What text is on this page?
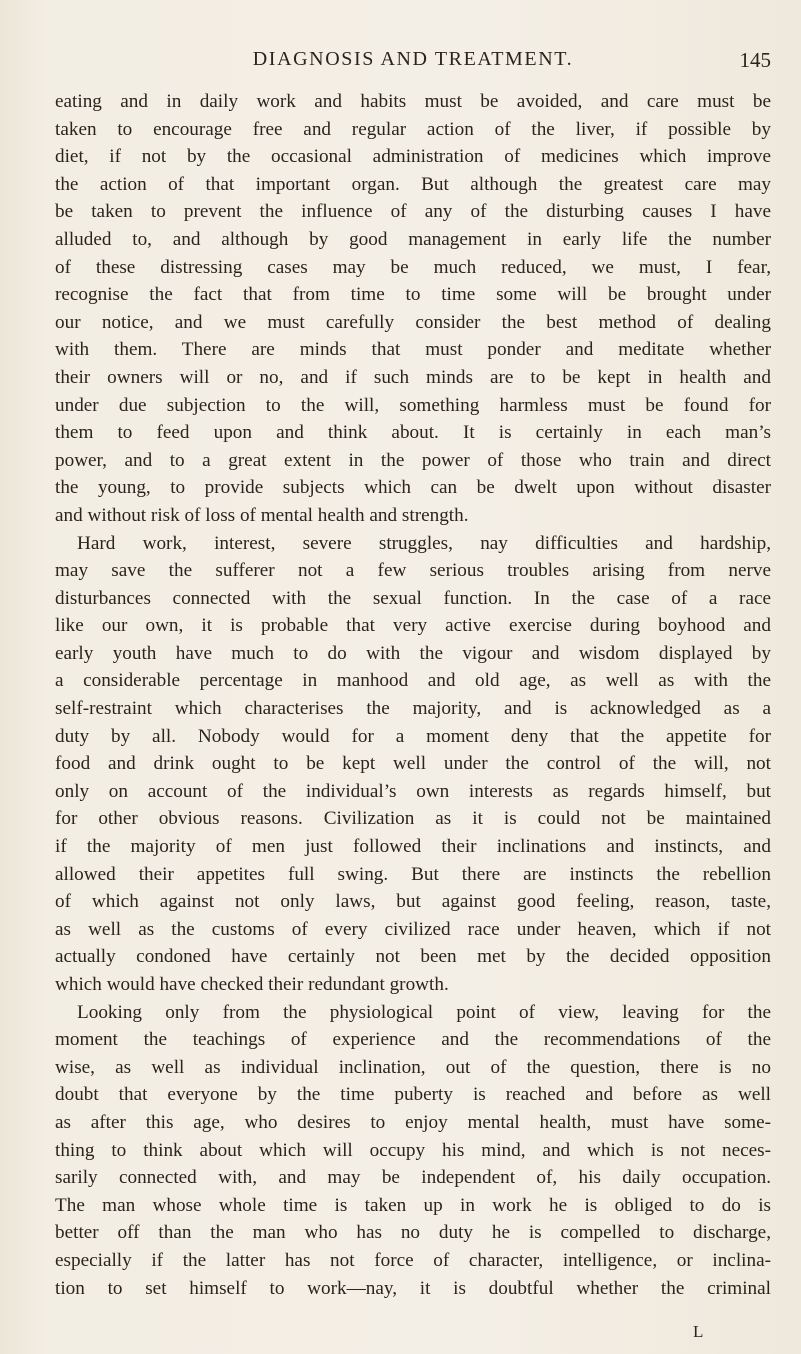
DIAGNOSIS AND TREATMENT.	145
eating and in daily work and habits must be avoided, and care must be
taken to encourage free and regular action of the liver, if possible by
diet, if not by the occasional administration of medicines which improve
the action of that important organ. But although the greatest care may
be taken to prevent the influence of any of the disturbing causes I have
alluded to, and although by good management in early life the number
of these distressing cases may be much reduced, we must, I fear,
recognise the fact that from time to time some will be brought under
our notice, and we must carefully consider the best method of dealing
with them. There are minds that must ponder and meditate whether
their owners will or no, and if such minds are to be kept in health and
under due subjection to the will, something harmless must be found for
them to feed upon and think about. It is certainly in each man’s
power, and to a great extent in the power of those who train and direct
the young, to provide subjects which can be dwelt upon without disaster
and without risk of loss of mental health and strength.
Hard work, interest, severe struggles, nay difficulties and hardship,
may save the sufferer not a few serious troubles arising from nerve
disturbances connected with the sexual function. In the case of a race
like our own, it is probable that very active exercise during boyhood and
early youth have much to do with the vigour and wisdom displayed by
a considerable percentage in manhood and old age, as well as with the
self-restraint which characterises the majority, and is acknowledged as a
duty by all. Nobody would for a moment deny that the appetite for
food and drink ought to be kept well under the control of the will, not
only on account of the individual’s own interests as regards himself, but
for other obvious reasons. Civilization as it is could not be maintained
if the majority of men just followed their inclinations and instincts, and
allowed their appetites full swing. But there are instincts the rebellion
of which against not only laws, but against good feeling, reason, taste,
as well as the customs of every civilized race under heaven, which if not
actually condoned have certainly not been met by the decided opposition
which would have checked their redundant growth.
Looking only from the physiological point of view, leaving for the
moment the teachings of experience and the recommendations of the
wise, as well as individual inclination, out of the question, there is no
doubt that everyone by the time puberty is reached and before as well
as after this age, who desires to enjoy mental health, must have some-
thing to think about which will occupy his mind, and which is not neces-
sarily connected with, and may be independent of, his daily occupation.
The man whose whole time is taken up in work he is obliged to do is
better off than the man who has no duty he is compelled to discharge,
especially if the latter has not force of character, intelligence, or inclina-
tion to set himself to work—nay, it is doubtful whether the criminal
L
